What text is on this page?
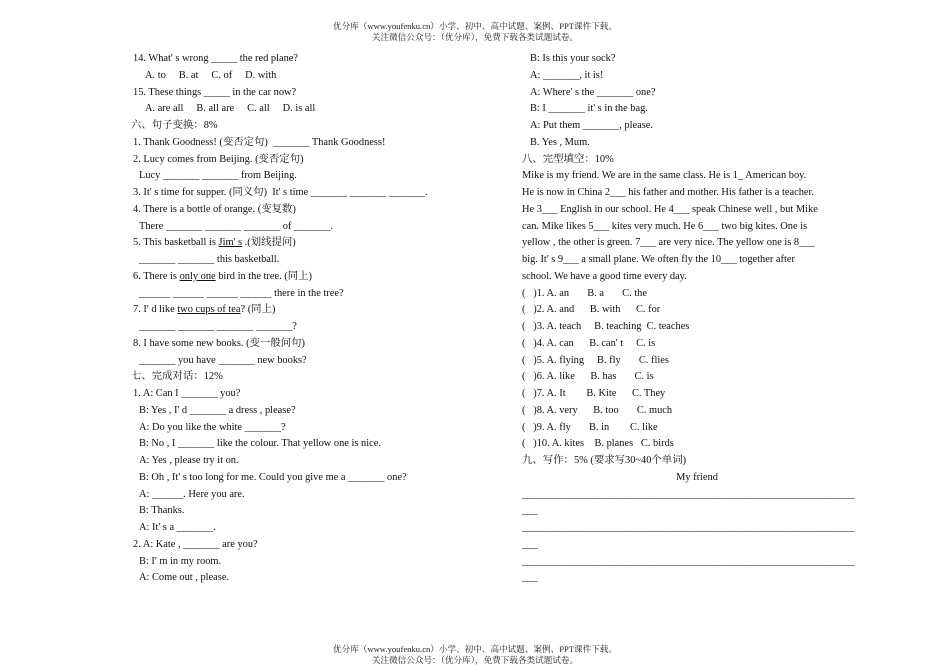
优分库（www.youfenku.cn）小学、初中、高中试题、案例、PPT课件下载。
关注微信公众号：（优分库），免费下载各类试题试卷。
14. What' s wrong _____ the red plane?
A. to     B. at     C. of     D. with
15. These things _____ in the car now?
A. are all     B. all are     C. all     D. is all
六、句子变换：8%
1. Thank Goodness! (变否定句)  _______ Thank Goodness!
2. Lucy comes from Beijing. (变否定句)
Lucy _______ _______ from Beijing.
3. It' s time for supper. (同义句)  It' s time _______ _______ _______.
4. There is a bottle of orange. (变复数)
There _______ _______ _______ of _______.
5. This basketball is Jim' s .(划线提问)
_______ _______ this basketball.
6. There is only one bird in the tree. (同上)
______ ______ ______ ______ there in the tree?
7. I' d like two cups of tea? (同上)
_______ _______ _______ _______?
8. I have some new books. (变一般问句)
_______ you have _______ new books?
七、完成对话：12%
1. A: Can I _______ you?
B: Yes , I' d _______ a dress , please?
A: Do you like the white _______?
B: No , I _______ like the colour. That yellow one is nice.
A: Yes , please try it on.
B: Oh , It' s too long for me. Could you give me a _______ one?
A: ______. Here you are.
B: Thanks.
A: It' s a _______.
2. A: Kate , _______ are you?
B: I' m in my room.
A: Come out , please.
B: Is this your sock?
A: _______, it is!
A: Where' s the _______ one?
B: I _______ it' s in the bag.
A: Put them _______, please.
B. Yes , Mum.
八、完型填空：10%
Mike is my friend. We are in the same class. He is 1_ American boy.
He is now in China 2___ his father and mother. His father is a teacher.
He 3___ English in our school. He 4___ speak Chinese well , but Mike
can. Mike likes 5___ kites very much. He 6___ two big kites. One is
yellow , the other is green. 7___ are very nice. The yellow one is 8___
big. It' s 9___ a small plane. We often fly the 10___ together after
school. We have a good time every day.
(   )1. A. an       B. a       C. the
(   )2. A. and      B. with      C. for
(   )3. A. teach     B. teaching  C. teaches
(   )4. A. can      B. can' t     C. is
(   )5. A. flying     B. fly       C. flies
(   )6. A. like      B. has       C. is
(   )7. A. It        B. Kite      C. They
(   )8. A. very      B. too       C. much
(   )9. A. fly       B. in        C. like
(   )10. A. kites    B. planes   C. birds
九、写作：5% (要求写30~40个单词)
My friend
________________________________________________________________
___
________________________________________________________________
___
________________________________________________________________
___
优分库（www.youfenku.cn）小学、初中、高中试题、案例、PPT课件下载。
关注微信公众号：（优分库），免费下载各类试题试卷。
